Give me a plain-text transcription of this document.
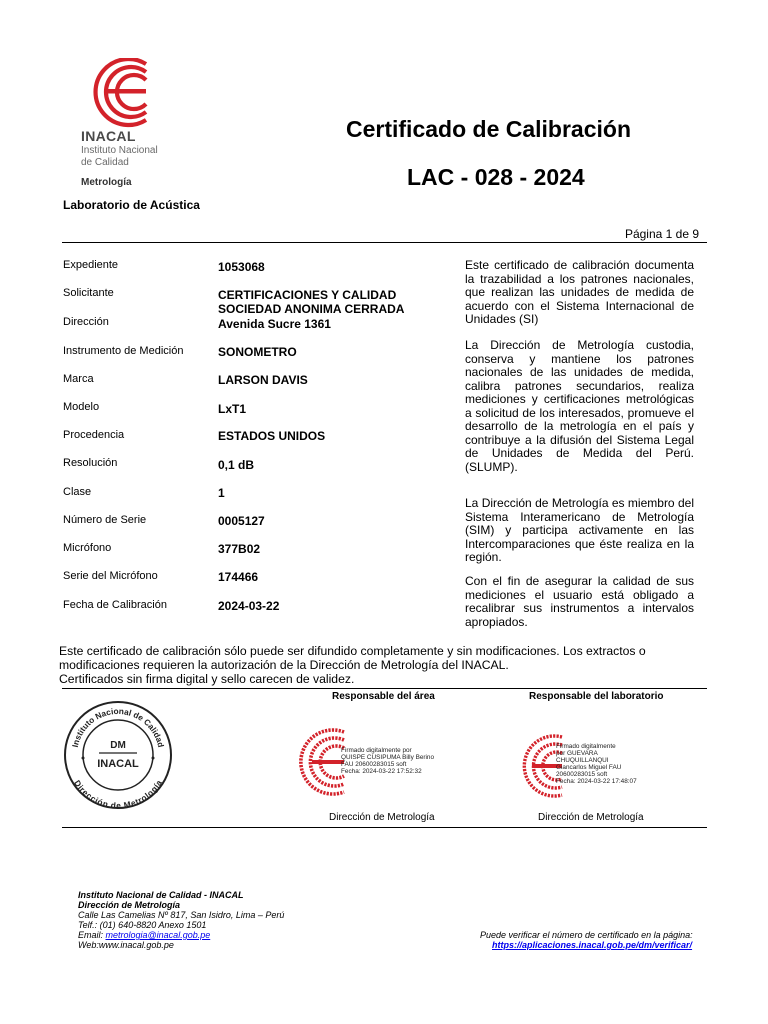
INACAL
Instituto Nacional
de Calidad
Metrología
Certificado de Calibración
LAC - 028 - 2024
Laboratorio de Acústica
Página 1 de 9
Expediente	1053068
Solicitante	CERTIFICACIONES Y CALIDAD
SOCIEDAD ANONIMA CERRADA
Dirección	Avenida Sucre 1361
Instrumento de Medición	SONOMETRO
Marca	LARSON DAVIS
Modelo	LxT1
Procedencia	ESTADOS UNIDOS
Resolución	0,1 dB
Clase	1
Número de Serie	0005127
Micrófono	377B02
Serie del Micrófono	174466
Fecha de Calibración	2024-03-22
Este certificado de calibración documenta la trazabilidad a los patrones nacionales, que realizan las unidades de medida de acuerdo con el Sistema Internacional de Unidades (SI)
La Dirección de Metrología custodia, conserva y mantiene los patrones nacionales de las unidades de medida, calibra patrones secundarios, realiza mediciones y certificaciones metrológicas a solicitud de los interesados, promueve el desarrollo de la metrología en el país y contribuye a la difusión del Sistema Legal de Unidades de Medida del Perú. (SLUMP).
La Dirección de Metrología es miembro del Sistema Interamericano de Metrología (SIM) y participa activamente en las Intercomparaciones que éste realiza en la región.
Con el fin de asegurar la calidad de sus mediciones el usuario está obligado a recalibrar sus instrumentos a intervalos apropiados.
Este certificado de calibración sólo puede ser difundido completamente y sin modificaciones. Los extractos o
modificaciones requieren la autorización de la Dirección de Metrología del INACAL.
Certificados sin firma digital y sello carecen de validez.
Instituto Nacional de Calidad
Dirección de Metrología
DM
INACAL
Responsable del área
Firmado digitalmente por
QUISPE CUSIPUMA Billy Berino
FAU 20600283015 soft
Fecha: 2024-03-22 17:52:32
Dirección de Metrología
Responsable del laboratorio
Firmado digitalmente
por GUEVARA
CHUQUILLANQUI
Giancarlos Miguel FAU
20600283015 soft
Fecha: 2024-03-22 17:48:07
Dirección de Metrología
Instituto Nacional de Calidad - INACAL
Dirección de Metrología
Calle Las Camelias Nº 817, San Isidro, Lima – Perú
Telf.: (01) 640-8820 Anexo 1501
Email: metrologia@inacal.gob.pe
Web:www.inacal.gob.pe
Puede verificar el número de certificado en la página:
https://aplicaciones.inacal.gob.pe/dm/verificar/
